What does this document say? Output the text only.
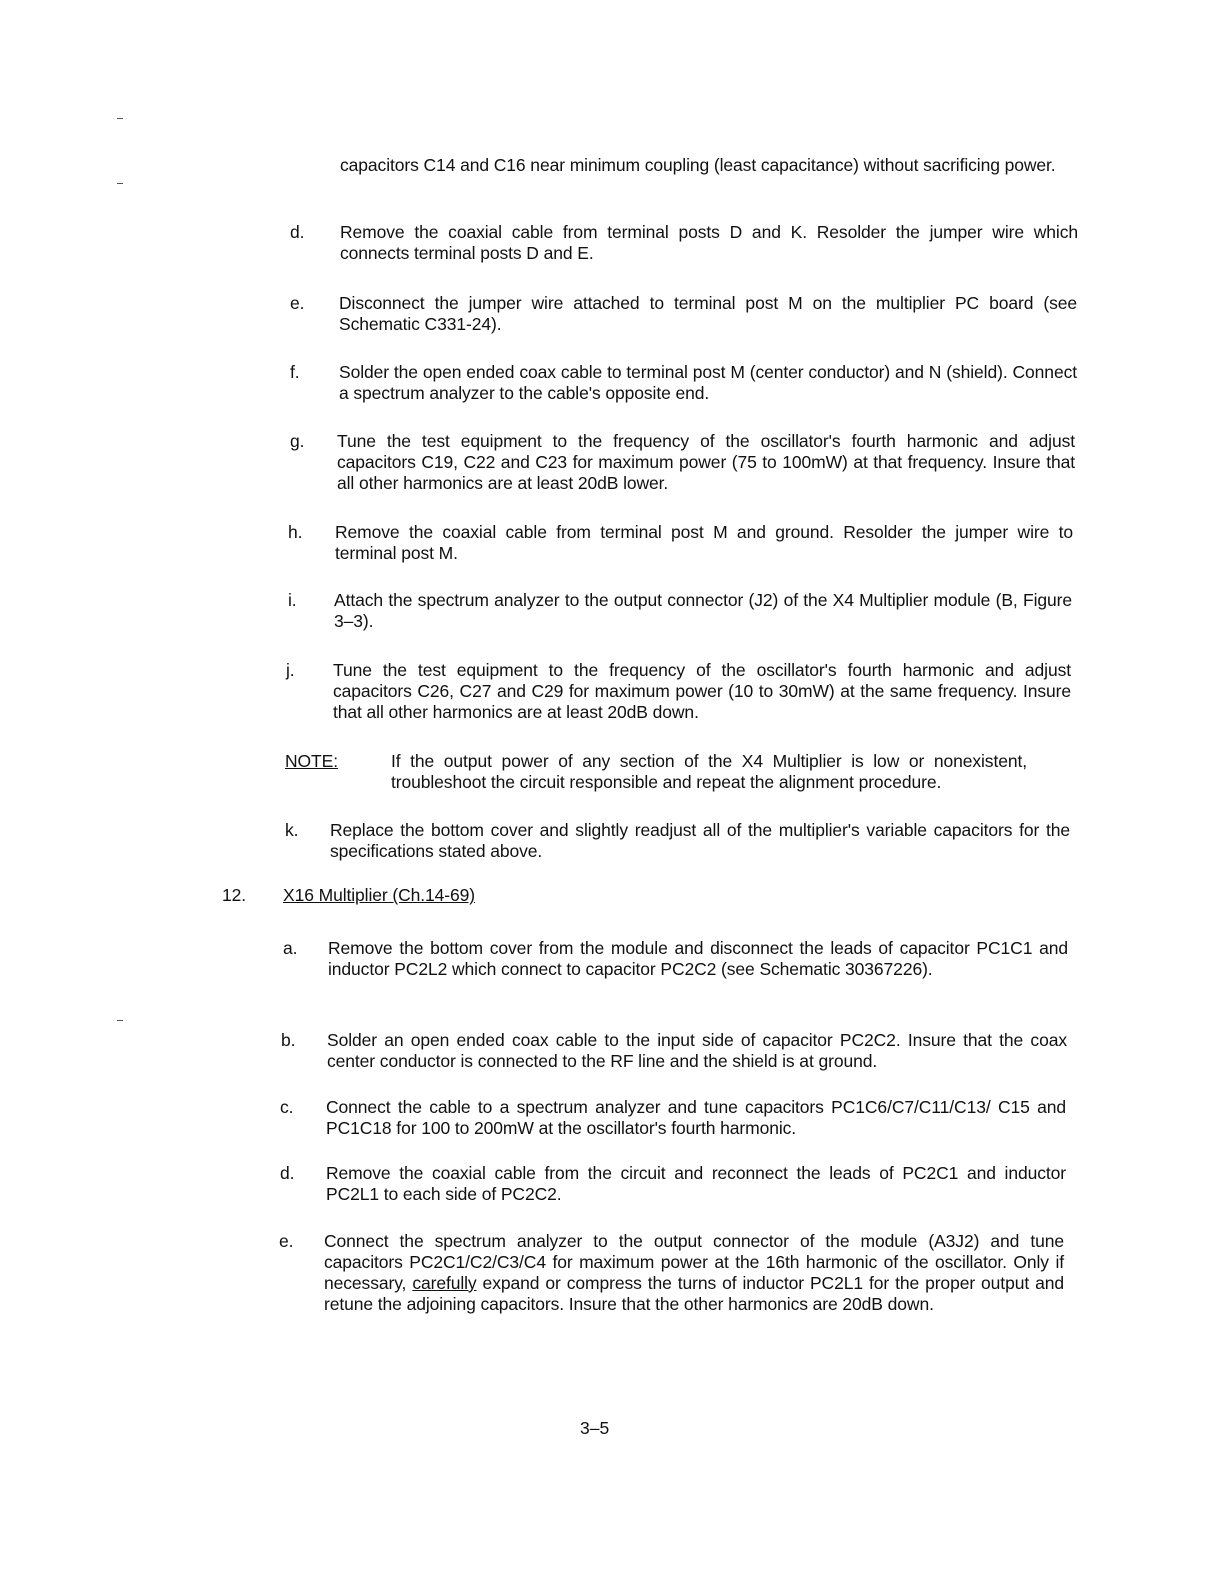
capacitors C14 and C16 near minimum coupling (least capacitance) without sacrificing power.
d. Remove the coaxial cable from terminal posts D and K. Resolder the jumper wire which connects terminal posts D and E.
e. Disconnect the jumper wire attached to terminal post M on the multiplier PC board (see Schematic C331-24).
f. Solder the open ended coax cable to terminal post M (center conductor) and N (shield). Connect a spectrum analyzer to the cable's opposite end.
g. Tune the test equipment to the frequency of the oscillator's fourth harmonic and adjust capacitors C19, C22 and C23 for maximum power (75 to 100mW) at that frequency. Insure that all other harmonics are at least 20dB lower.
h. Remove the coaxial cable from terminal post M and ground. Resolder the jumper wire to terminal post M.
i. Attach the spectrum analyzer to the output connector (J2) of the X4 Multiplier module (B, Figure 3–3).
j. Tune the test equipment to the frequency of the oscillator's fourth harmonic and adjust capacitors C26, C27 and C29 for maximum power (10 to 30mW) at the same frequency. Insure that all other harmonics are at least 20dB down.
NOTE:	If the output power of any section of the X4 Multiplier is low or nonexistent, troubleshoot the circuit responsible and repeat the alignment procedure.
k. Replace the bottom cover and slightly readjust all of the multiplier's variable capacitors for the specifications stated above.
12. X16 Multiplier (Ch.14-69)
a. Remove the bottom cover from the module and disconnect the leads of capacitor PC1C1 and inductor PC2L2 which connect to capacitor PC2C2 (see Schematic 30367226).
b. Solder an open ended coax cable to the input side of capacitor PC2C2. Insure that the coax center conductor is connected to the RF line and the shield is at ground.
c. Connect the cable to a spectrum analyzer and tune capacitors PC1C6/C7/C11/C13/ C15 and PC1C18 for 100 to 200mW at the oscillator's fourth harmonic.
d. Remove the coaxial cable from the circuit and reconnect the leads of PC2C1 and inductor PC2L1 to each side of PC2C2.
e. Connect the spectrum analyzer to the output connector of the module (A3J2) and tune capacitors PC2C1/C2/C3/C4 for maximum power at the 16th harmonic of the oscillator. Only if necessary, carefully expand or compress the turns of inductor PC2L1 for the proper output and retune the adjoining capacitors. Insure that the other harmonics are 20dB down.
3–5
